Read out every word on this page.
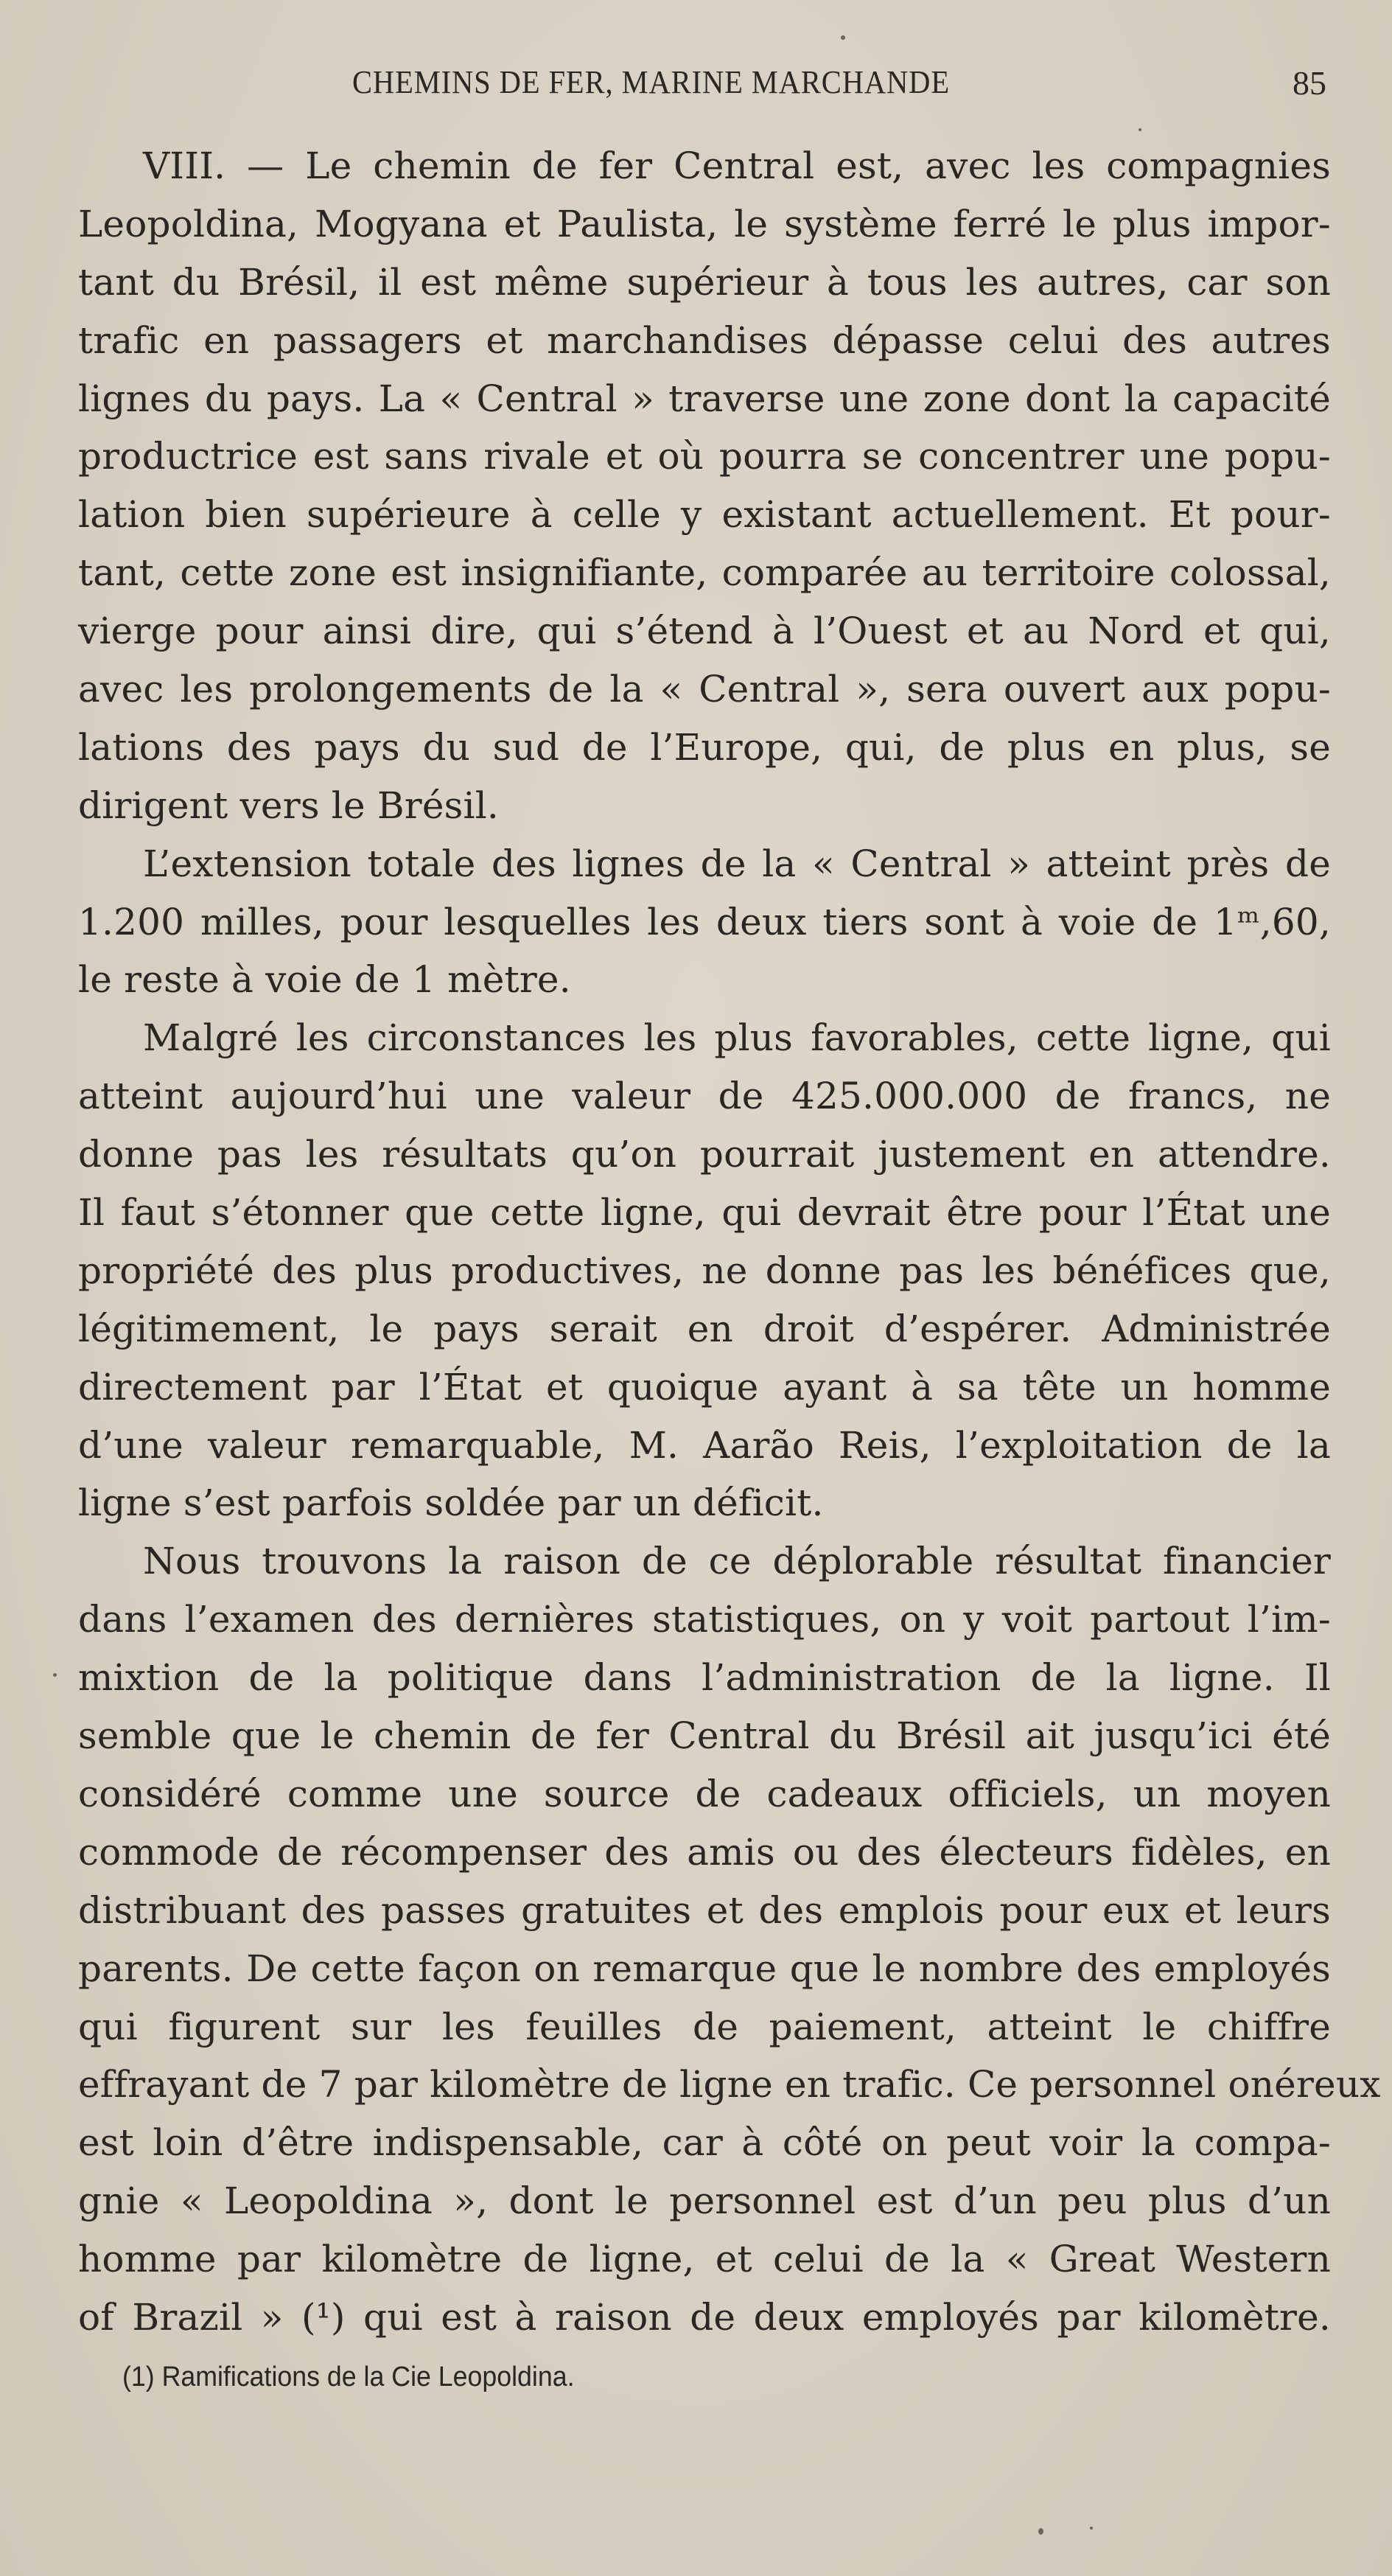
CHEMINS DE FER, MARINE MARCHANDE	85
VIII. — Le chemin de fer Central est, avec les compagnies
Leopoldina, Mogyana et Paulista, le système ferré le plus impor-
tant du Brésil, il est même supérieur à tous les autres, car son
trafic en passagers et marchandises dépasse celui des autres
lignes du pays. La « Central » traverse une zone dont la capacité
productrice est sans rivale et où pourra se concentrer une popu-
lation bien supérieure à celle y existant actuellement. Et pour-
tant, cette zone est insignifiante, comparée au territoire colossal,
vierge pour ainsi dire, qui s’étend à l’Ouest et au Nord et qui,
avec les prolongements de la « Central », sera ouvert aux popu-
lations des pays du sud de l’Europe, qui, de plus en plus, se
dirigent vers le Brésil.
L’extension totale des lignes de la « Central » atteint près de
1.200 milles, pour lesquelles les deux tiers sont à voie de 1ᵐ,60,
le reste à voie de 1 mètre.
Malgré les circonstances les plus favorables, cette ligne, qui
atteint aujourd’hui une valeur de 425.000.000 de francs, ne
donne pas les résultats qu’on pourrait justement en attendre.
Il faut s’étonner que cette ligne, qui devrait être pour l’État une
propriété des plus productives, ne donne pas les bénéfices que,
légitimement, le pays serait en droit d’espérer. Administrée
directement par l’État et quoique ayant à sa tête un homme
d’une valeur remarquable, M. Aarão Reis, l’exploitation de la
ligne s’est parfois soldée par un déficit.
Nous trouvons la raison de ce déplorable résultat financier
dans l’examen des dernières statistiques, on y voit partout l’im-
mixtion de la politique dans l’administration de la ligne. Il
semble que le chemin de fer Central du Brésil ait jusqu’ici été
considéré comme une source de cadeaux officiels, un moyen
commode de récompenser des amis ou des électeurs fidèles, en
distribuant des passes gratuites et des emplois pour eux et leurs
parents. De cette façon on remarque que le nombre des employés
qui figurent sur les feuilles de paiement, atteint le chiffre
effrayant de 7 par kilomètre de ligne en trafic. Ce personnel onéreux
est loin d’être indispensable, car à côté on peut voir la compa-
gnie « Leopoldina », dont le personnel est d’un peu plus d’un
homme par kilomètre de ligne, et celui de la « Great Western
of Brazil » (¹) qui est à raison de deux employés par kilomètre.
(1) Ramifications de la Cie Leopoldina.
